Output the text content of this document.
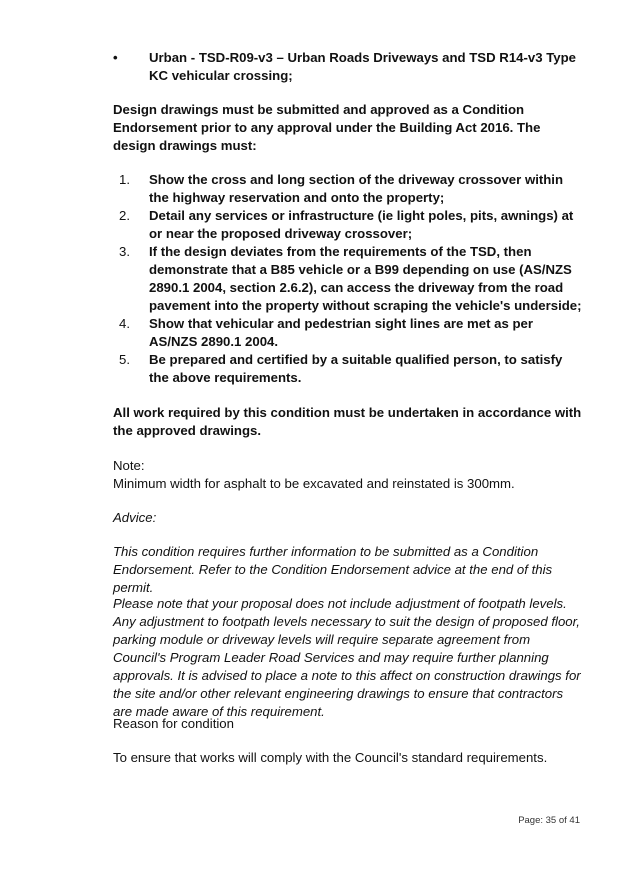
•	Urban - TSD-R09-v3 – Urban Roads Driveways and TSD R14-v3 Type KC vehicular crossing;

Design drawings must be submitted and approved as a Condition Endorsement prior to any approval under the Building Act 2016. The design drawings must:

1. Show the cross and long section of the driveway crossover within the highway reservation and onto the property;
2. Detail any services or infrastructure (ie light poles, pits, awnings) at or near the proposed driveway crossover;
3. If the design deviates from the requirements of the TSD, then demonstrate that a B85 vehicle or a B99 depending on use (AS/NZS 2890.1 2004, section 2.6.2), can access the driveway from the road pavement into the property without scraping the vehicle's underside;
4. Show that vehicular and pedestrian sight lines are met as per AS/NZS 2890.1 2004.
5. Be prepared and certified by a suitable qualified person, to satisfy the above requirements.

All work required by this condition must be undertaken in accordance with the approved drawings.

Note:

Minimum width for asphalt to be excavated and reinstated is 300mm.

Advice:

This condition requires further information to be submitted as a Condition Endorsement. Refer to the Condition Endorsement advice at the end of this permit.

Please note that your proposal does not include adjustment of footpath levels. Any adjustment to footpath levels necessary to suit the design of proposed floor, parking module or driveway levels will require separate agreement from Council's Program Leader Road Services and may require further planning approvals. It is advised to place a note to this affect on construction drawings for the site and/or other relevant engineering drawings to ensure that contractors are made aware of this requirement.

Reason for condition

To ensure that works will comply with the Council's standard requirements.

Page: 35 of 41
